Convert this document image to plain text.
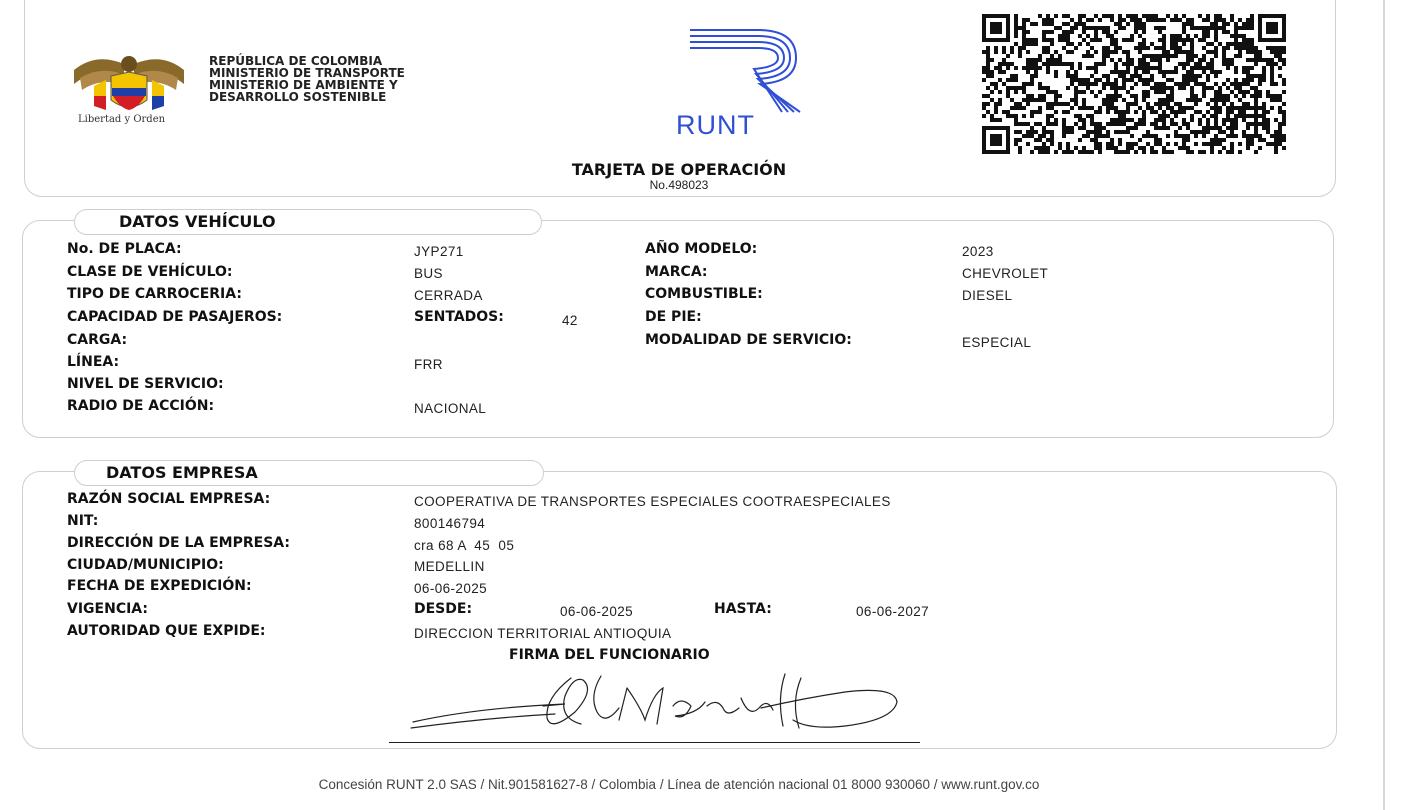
Libertad y Orden
REPÚBLICA DE COLOMBIA
MINISTERIO DE TRANSPORTE
MINISTERIO DE AMBIENTE Y
DESARROLLO SOSTENIBLE
RUNT
TARJETA DE OPERACIÓN
No.498023
DATOS VEHÍCULO
No. DE PLACA:	JYP271
CLASE DE VEHÍCULO:	BUS
TIPO DE CARROCERIA:	CERRADA
CAPACIDAD DE PASAJEROS:	SENTADOS:	42
CARGA:
LÍNEA:	FRR
NIVEL DE SERVICIO:
RADIO DE ACCIÓN:	NACIONAL
AÑO MODELO:	2023
MARCA:	CHEVROLET
COMBUSTIBLE:	DIESEL
DE PIE:
MODALIDAD DE SERVICIO:	ESPECIAL
DATOS EMPRESA
RAZÓN SOCIAL EMPRESA:	COOPERATIVA DE TRANSPORTES ESPECIALES COOTRAESPECIALES
NIT:	800146794
DIRECCIÓN DE LA EMPRESA:	cra 68 A  45  05
CIUDAD/MUNICIPIO:	MEDELLIN
FECHA DE EXPEDICIÓN:	06-06-2025
VIGENCIA:	DESDE:	06-06-2025	HASTA:	06-06-2027
AUTORIDAD QUE EXPIDE:	DIRECCION TERRITORIAL ANTIOQUIA
FIRMA DEL FUNCIONARIO
Concesión RUNT 2.0 SAS / Nit.901581627-8 / Colombia / Línea de atención nacional 01 8000 930060 / www.runt.gov.co
